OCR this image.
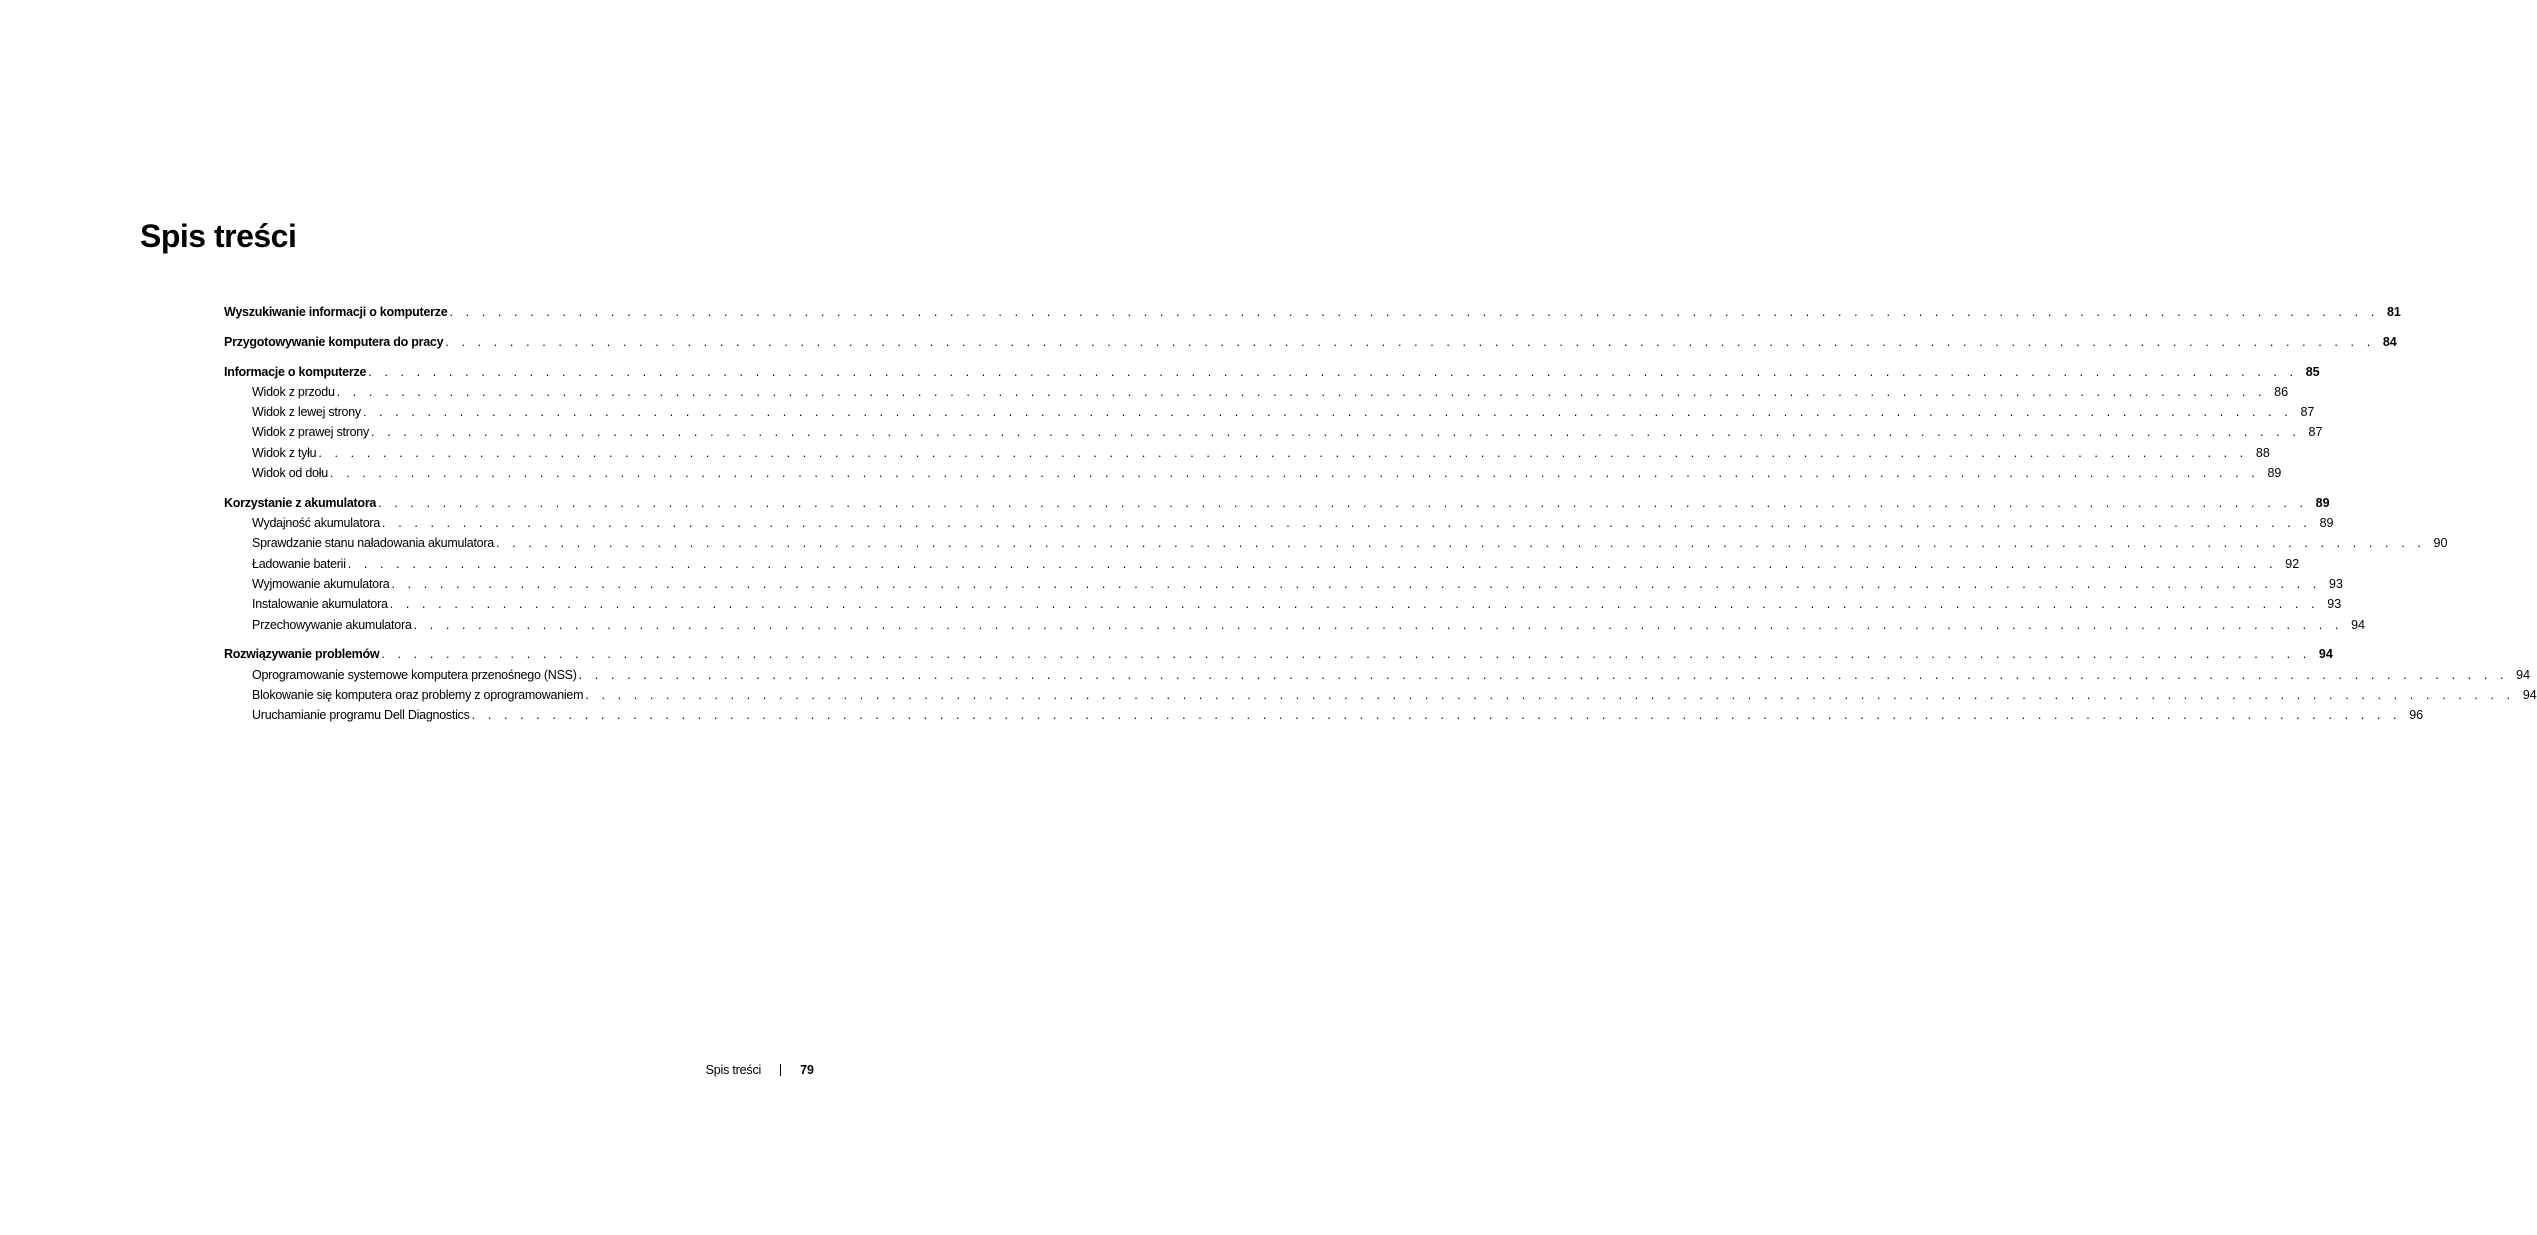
Spis treści
Wyszukiwanie informacji o komputerze . . . . . . . . . . . . . . . . . . . . . . . . . . . . . . . . . . . . . . . . . . . . . . . . . . . . . . . . . . . . . . . . . . . . . . . . . . . . . . . . . . . . . . . . . . . . . . . . . . . . . . . . . . . . . . . . . . . . . . . . 81
Przygotowywanie komputera do pracy . . . . . . . . . . . . . . . . . . . . . . . . . . . . . . . . . . . . . . . . . . . . . . . . . . . . . . . . . . . . . . . . . . . . . . . . . . . . . . . . . . . . . . . . . . . . . . . . . . . . . . . . . . . . . . . . . . . . . . . . 84
Informacje o komputerze . . . . . . . . . . . . . . . . . . . . . . . . . . . . . . . . . . . . . . . . . . . . . . . . . . . . . . . . . . . . . . . . . . . . . . . . . . . . . . . . . . . . . . . . . . . . . . . . . . . . . . . . . . . . . . . . . . . . . . . . 85
Widok z przodu . . . . . . . . . . . . . . . . . . . . . . . . . . . . . . . . . . . . . . . . . . . . . . . . . . . . . . . . . . . . . . . . . . . . . . . . . . . . . . . . . . . . . . . . . . . . . . . . . . . . . . . . . . . . . . . . . . . . . . . . 86
Widok z lewej strony . . . . . . . . . . . . . . . . . . . . . . . . . . . . . . . . . . . . . . . . . . . . . . . . . . . . . . . . . . . . . . . . . . . . . . . . . . . . . . . . . . . . . . . . . . . . . . . . . . . . . . . . . . . . . . . . . . . . . . . . 87
Widok z prawej strony . . . . . . . . . . . . . . . . . . . . . . . . . . . . . . . . . . . . . . . . . . . . . . . . . . . . . . . . . . . . . . . . . . . . . . . . . . . . . . . . . . . . . . . . . . . . . . . . . . . . . . . . . . . . . . . . . . . . . . . . 87
Widok z tyłu . . . . . . . . . . . . . . . . . . . . . . . . . . . . . . . . . . . . . . . . . . . . . . . . . . . . . . . . . . . . . . . . . . . . . . . . . . . . . . . . . . . . . . . . . . . . . . . . . . . . . . . . . . . . . . . . . . . . . . . . 88
Widok od dołu . . . . . . . . . . . . . . . . . . . . . . . . . . . . . . . . . . . . . . . . . . . . . . . . . . . . . . . . . . . . . . . . . . . . . . . . . . . . . . . . . . . . . . . . . . . . . . . . . . . . . . . . . . . . . . . . . . . . . . . . 89
Korzystanie z akumulatora . . . . . . . . . . . . . . . . . . . . . . . . . . . . . . . . . . . . . . . . . . . . . . . . . . . . . . . . . . . . . . . . . . . . . . . . . . . . . . . . . . . . . . . . . . . . . . . . . . . . . . . . . . . . . . . . . . . . . . . . 89
Wydajność akumulatora . . . . . . . . . . . . . . . . . . . . . . . . . . . . . . . . . . . . . . . . . . . . . . . . . . . . . . . . . . . . . . . . . . . . . . . . . . . . . . . . . . . . . . . . . . . . . . . . . . . . . . . . . . . . . . . . . . . . . . . . 89
Sprawdzanie stanu naładowania akumulatora . . . . . . . . . . . . . . . . . . . . . . . . . . . . . . . . . . . . . . . . . . . . . . . . . . . . . . . . . . . . . . . . . . . . . . . . . . . . . . . . . . . . . . . . . . . . . . . . . . . . . . . . . . . . . . . . . . . . . . . . 90
Ładowanie baterii . . . . . . . . . . . . . . . . . . . . . . . . . . . . . . . . . . . . . . . . . . . . . . . . . . . . . . . . . . . . . . . . . . . . . . . . . . . . . . . . . . . . . . . . . . . . . . . . . . . . . . . . . . . . . . . . . . . . . . . . 92
Wyjmowanie akumulatora . . . . . . . . . . . . . . . . . . . . . . . . . . . . . . . . . . . . . . . . . . . . . . . . . . . . . . . . . . . . . . . . . . . . . . . . . . . . . . . . . . . . . . . . . . . . . . . . . . . . . . . . . . . . . . . . . . . . . . . . 93
Instalowanie akumulatora . . . . . . . . . . . . . . . . . . . . . . . . . . . . . . . . . . . . . . . . . . . . . . . . . . . . . . . . . . . . . . . . . . . . . . . . . . . . . . . . . . . . . . . . . . . . . . . . . . . . . . . . . . . . . . . . . . . . . . . . 93
Przechowywanie akumulatora . . . . . . . . . . . . . . . . . . . . . . . . . . . . . . . . . . . . . . . . . . . . . . . . . . . . . . . . . . . . . . . . . . . . . . . . . . . . . . . . . . . . . . . . . . . . . . . . . . . . . . . . . . . . . . . . . . . . . . . . 94
Rozwiązywanie problemów . . . . . . . . . . . . . . . . . . . . . . . . . . . . . . . . . . . . . . . . . . . . . . . . . . . . . . . . . . . . . . . . . . . . . . . . . . . . . . . . . . . . . . . . . . . . . . . . . . . . . . . . . . . . . . . . . . . . . . . . 94
Oprogramowanie systemowe komputera przenośnego (NSS) . . . . . . . . . . . . . . . . . . . . . . . . . . . . . . . . . . . . . . . . . . . . . . . . . . . . . . . . . . . . . . . . . . . . . . . . . . . . . . . . . . . . . . . . . . . . . . . . . . . . . . . . . . . . . . . . . . . . . . . . 94
Blokowanie się komputera oraz problemy z oprogramowaniem . . . . . . . . . . . . . . . . . . . . . . . . . . . . . . . . . . . . . . . . . . . . . . . . . . . . . . . . . . . . . . . . . . . . . . . . . . . . . . . . . . . . . . . . . . . . . . . . . . . . . . . . . . . . . . . . . . . . . . . . 94
Uruchamianie programu Dell Diagnostics . . . . . . . . . . . . . . . . . . . . . . . . . . . . . . . . . . . . . . . . . . . . . . . . . . . . . . . . . . . . . . . . . . . . . . . . . . . . . . . . . . . . . . . . . . . . . . . . . . . . . . . . . . . . . . . . . . . . . . . . 96
Spis treści	79
